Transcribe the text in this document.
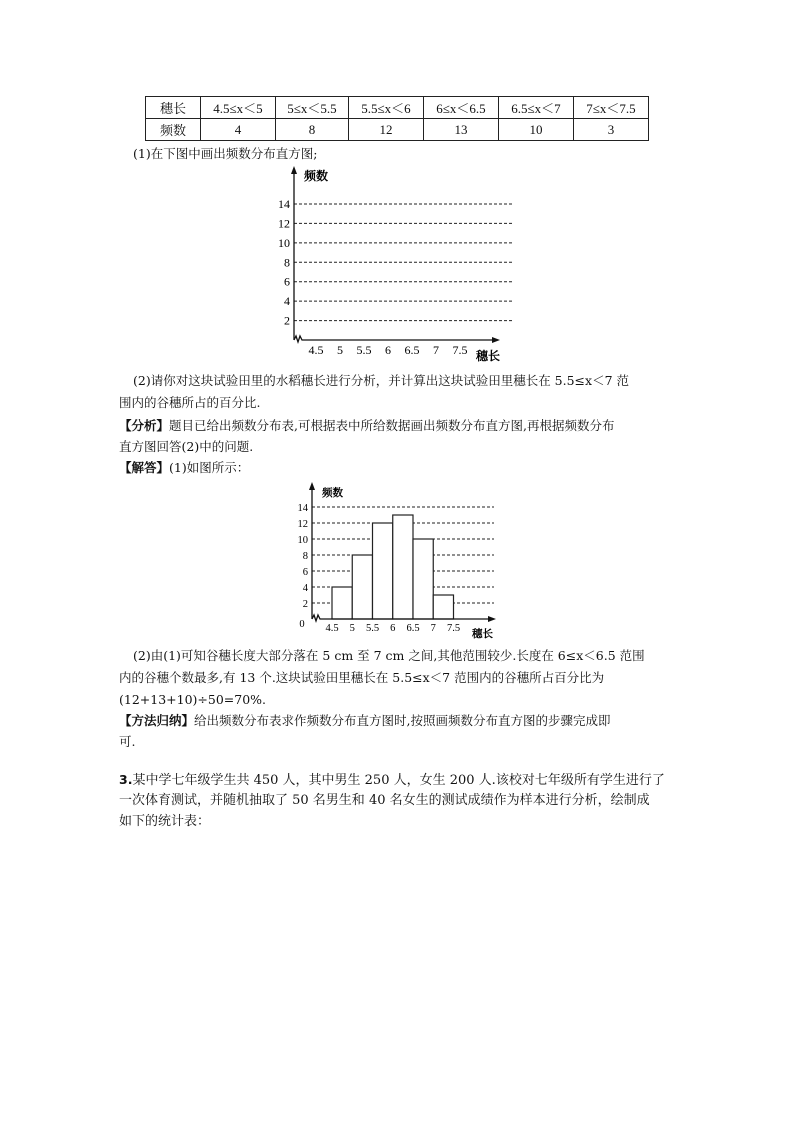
穗长	4.5≤x＜5	5≤x＜5.5	5.5≤x＜6	6≤x＜6.5	6.5≤x＜7	7≤x＜7.5
频数	4	8	12	13	10	3
(1)在下图中画出频数分布直方图;
2
4
6
8
10
12
14
4.5 5 5.5 6 6.5 7 7.5
频数
穗长
(2)请你对这块试验田里的水稻穗长进行分析，并计算出这块试验田里穗长在 5.5≤x＜7 范
围内的谷穗所占的百分比.
【分析】题目已给出频数分布表,可根据表中所给数据画出频数分布直方图,再根据频数分布
直方图回答(2)中的问题.
【解答】(1)如图所示：
2
4
6
8
10
12
14
4.5 5 5.5 6 6.5 7 7.5
0
频数
穗长
(2)由(1)可知谷穗长度大部分落在 5 cm 至 7 cm 之间,其他范围较少.长度在 6≤x＜6.5 范围
内的谷穗个数最多,有 13 个.这块试验田里穗长在 5.5≤x＜7 范围内的谷穗所占百分比为
(12+13+10)÷50=70%.
【方法归纳】给出频数分布表求作频数分布直方图时,按照画频数分布直方图的步骤完成即
可.
3.某中学七年级学生共 450 人，其中男生 250 人，女生 200 人.该校对七年级所有学生进行了
一次体育测试，并随机抽取了 50 名男生和 40 名女生的测试成绩作为样本进行分析，绘制成
如下的统计表：
